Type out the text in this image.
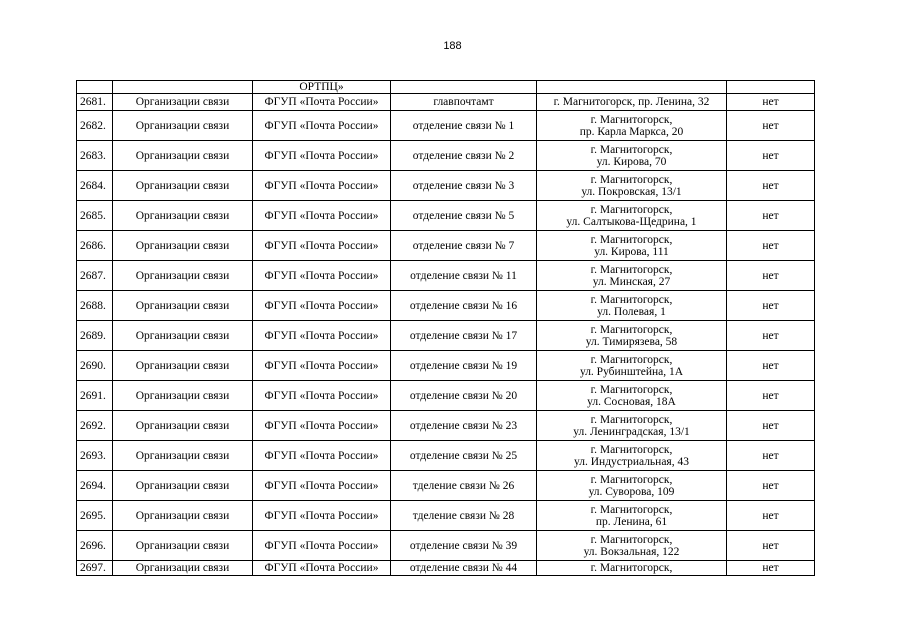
188
		ОРТПЦ»			
2681.	Организации связи	ФГУП «Почта России»	главпочтамт	г. Магнитогорск, пр. Ленина, 32	нет
2682.	Организации связи	ФГУП «Почта России»	отделение связи № 1	г. Магнитогорск,
пр. Карла Маркса, 20	нет
2683.	Организации связи	ФГУП «Почта России»	отделение связи № 2	г. Магнитогорск,
ул. Кирова, 70	нет
2684.	Организации связи	ФГУП «Почта России»	отделение связи № 3	г. Магнитогорск,
ул. Покровская, 13/1	нет
2685.	Организации связи	ФГУП «Почта России»	отделение связи № 5	г. Магнитогорск,
ул. Салтыкова-Щедрина, 1	нет
2686.	Организации связи	ФГУП «Почта России»	отделение связи № 7	г. Магнитогорск,
ул. Кирова, 111	нет
2687.	Организации связи	ФГУП «Почта России»	отделение связи № 11	г. Магнитогорск,
ул. Минская, 27	нет
2688.	Организации связи	ФГУП «Почта России»	отделение связи № 16	г. Магнитогорск,
ул. Полевая, 1	нет
2689.	Организации связи	ФГУП «Почта России»	отделение связи № 17	г. Магнитогорск,
ул. Тимирязева, 58	нет
2690.	Организации связи	ФГУП «Почта России»	отделение связи № 19	г. Магнитогорск,
ул. Рубинштейна, 1А	нет
2691.	Организации связи	ФГУП «Почта России»	отделение связи № 20	г. Магнитогорск,
ул. Сосновая, 18А	нет
2692.	Организации связи	ФГУП «Почта России»	отделение связи № 23	г. Магнитогорск,
ул. Ленинградская, 13/1	нет
2693.	Организации связи	ФГУП «Почта России»	отделение связи № 25	г. Магнитогорск,
ул. Индустриальная, 43	нет
2694.	Организации связи	ФГУП «Почта России»	тделение связи № 26	г. Магнитогорск,
ул. Суворова, 109	нет
2695.	Организации связи	ФГУП «Почта России»	тделение связи № 28	г. Магнитогорск,
пр. Ленина, 61	нет
2696.	Организации связи	ФГУП «Почта России»	отделение связи № 39	г. Магнитогорск,
ул. Вокзальная, 122	нет
2697.	Организации связи	ФГУП «Почта России»	отделение связи № 44	г. Магнитогорск,	нет
